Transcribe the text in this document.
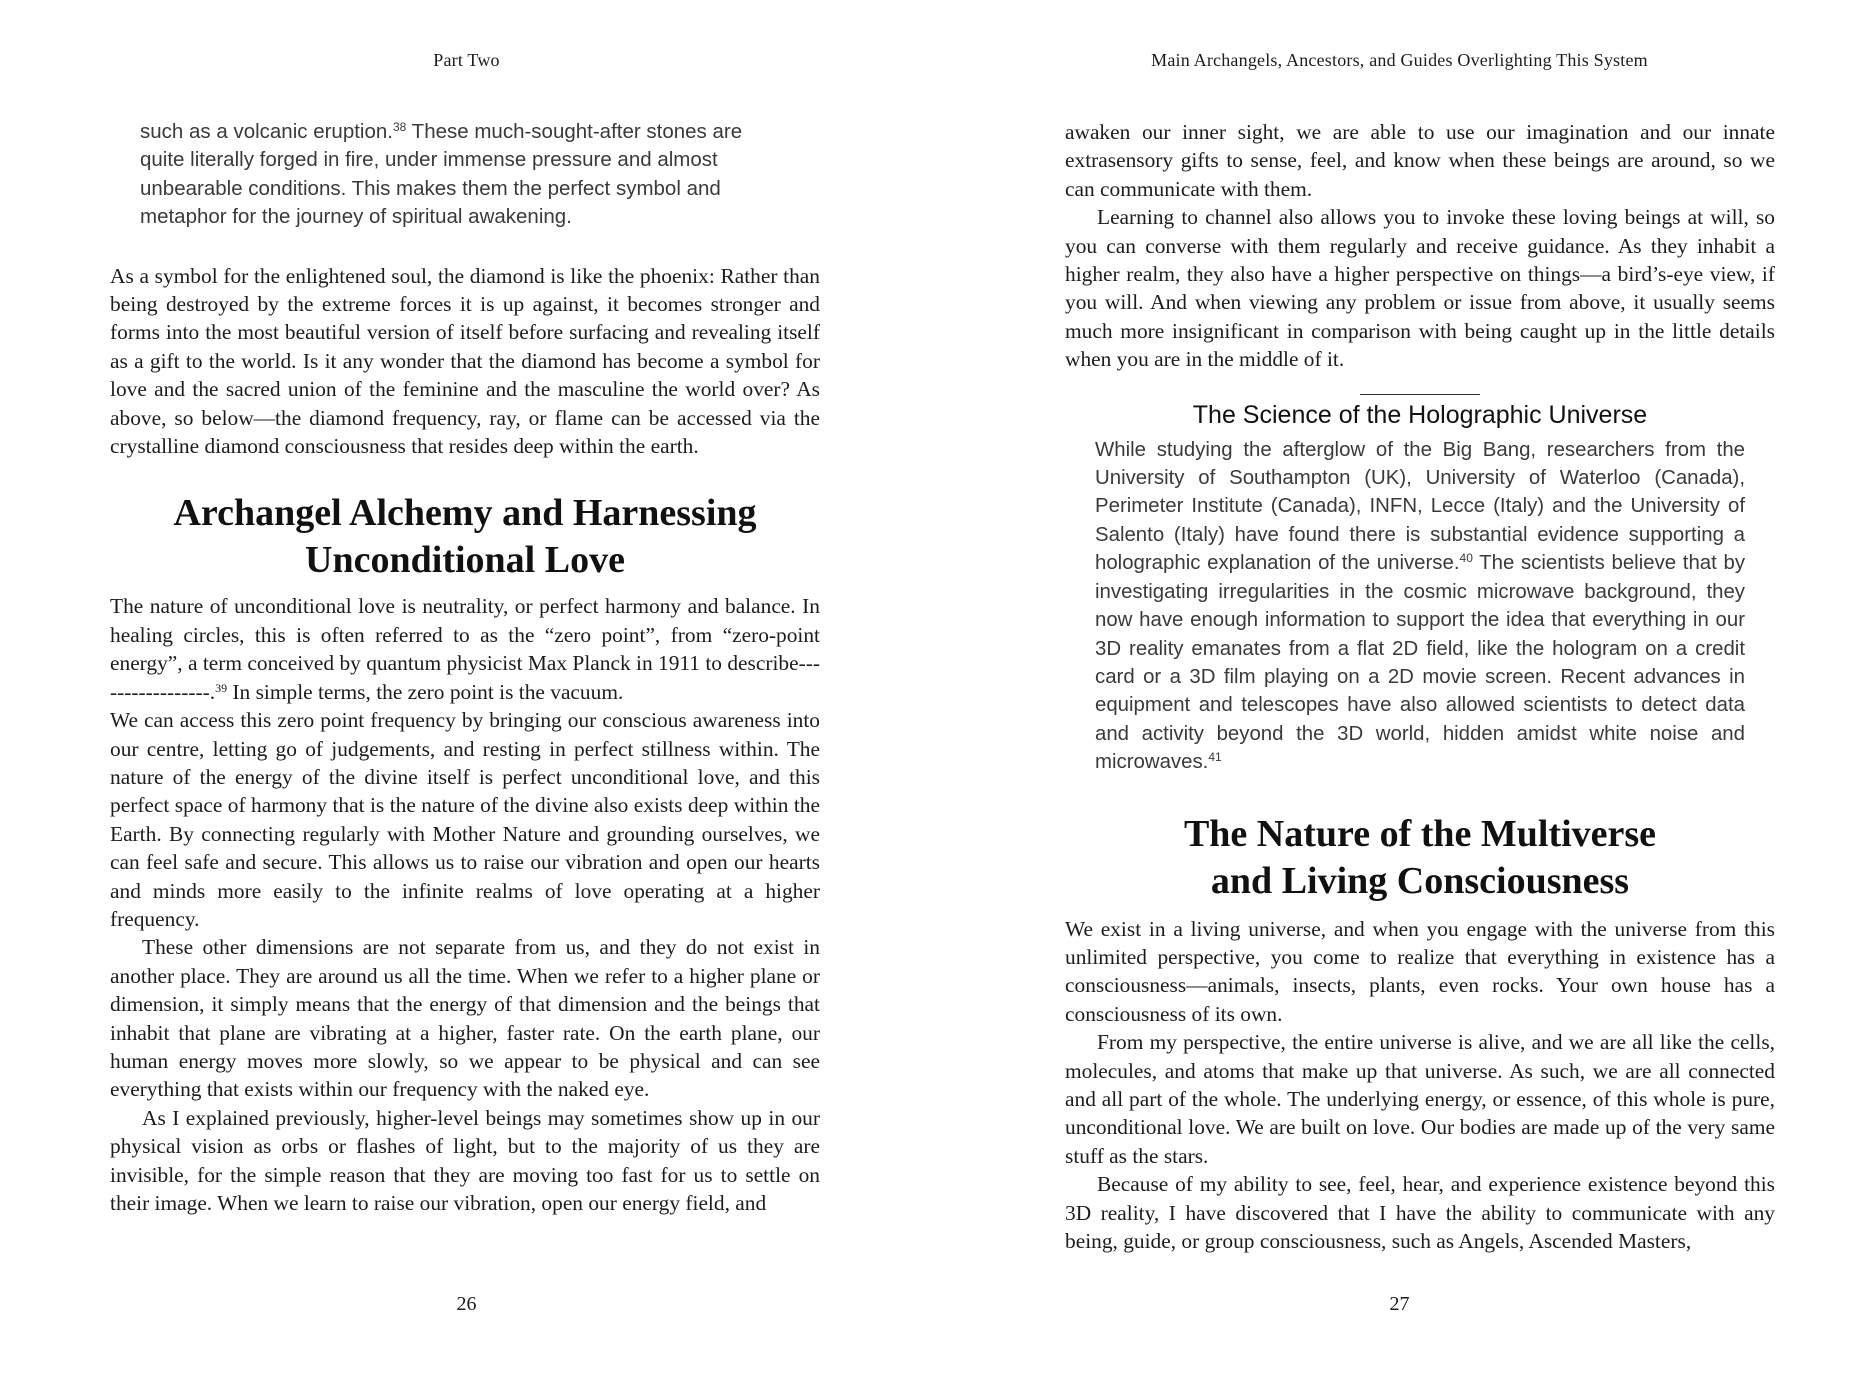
Part Two

such as a volcanic eruption.$^{38}$ These much-sought-after stones are quite literally forged in fire, under immense pressure and almost unbearable conditions. This makes them the perfect symbol and metaphor for the journey of spiritual awakening.

As a symbol for the enlightened soul, the diamond is like the phoenix: Rather than being destroyed by the extreme forces it is up against, it becomes stronger and forms into the most beautiful version of itself before surfacing and revealing itself as a gift to the world. Is it any wonder that the diamond has become a symbol for love and the sacred union of the feminine and the masculine the world over? As above, so below—the diamond frequency, ray, or flame can be accessed via the crystalline diamond consciousness that resides deep within the earth.

Archangel Alchemy and Harnessing
Unconditional Love

The nature of unconditional love is neutrality, or perfect harmony and balance. In healing circles, this is often referred to as the “zero point”, from “zero-point energy”, a term conceived by quantum physicist Max Planck in 1911 to describe-----------------.$^{39}$ In simple terms, the zero point is the vacuum.

We can access this zero point frequency by bringing our conscious awareness into our centre, letting go of judgements, and resting in perfect stillness within. The nature of the energy of the divine itself is perfect unconditional love, and this perfect space of harmony that is the nature of the divine also exists deep within the Earth. By connecting regularly with Mother Nature and grounding ourselves, we can feel safe and secure. This allows us to raise our vibration and open our hearts and minds more easily to the infinite realms of love operating at a higher frequency.

These other dimensions are not separate from us, and they do not exist in another place. They are around us all the time. When we refer to a higher plane or dimension, it simply means that the energy of that dimension and the beings that inhabit that plane are vibrating at a higher, faster rate. On the earth plane, our human energy moves more slowly, so we appear to be physical and can see everything that exists within our frequency with the naked eye.

As I explained previously, higher-level beings may sometimes show up in our physical vision as orbs or flashes of light, but to the majority of us they are invisible, for the simple reason that they are moving too fast for us to settle on their image. When we learn to raise our vibration, open our energy field, and

26
Main Archangels, Ancestors, and Guides Overlighting This System

awaken our inner sight, we are able to use our imagination and our innate extrasensory gifts to sense, feel, and know when these beings are around, so we can communicate with them.

Learning to channel also allows you to invoke these loving beings at will, so you can converse with them regularly and receive guidance. As they inhabit a higher realm, they also have a higher perspective on things—a bird’s-eye view, if you will. And when viewing any problem or issue from above, it usually seems much more insignificant in comparison with being caught up in the little details when you are in the middle of it.

The Science of the Holographic Universe

While studying the afterglow of the Big Bang, researchers from the University of Southampton (UK), University of Waterloo (Canada), Perimeter Institute (Canada), INFN, Lecce (Italy) and the University of Salento (Italy) have found there is substantial evidence supporting a holographic explanation of the universe.$^{40}$ The scientists believe that by investigating irregularities in the cosmic microwave background, they now have enough information to support the idea that everything in our 3D reality emanates from a flat 2D field, like the hologram on a credit card or a 3D film playing on a 2D movie screen. Recent advances in equipment and telescopes have also allowed scientists to detect data and activity beyond the 3D world, hidden amidst white noise and microwaves.$^{41}$

The Nature of the Multiverse
and Living Consciousness

We exist in a living universe, and when you engage with the universe from this unlimited perspective, you come to realize that everything in existence has a consciousness—animals, insects, plants, even rocks. Your own house has a consciousness of its own.

From my perspective, the entire universe is alive, and we are all like the cells, molecules, and atoms that make up that universe. As such, we are all connected and all part of the whole. The underlying energy, or essence, of this whole is pure, unconditional love. We are built on love. Our bodies are made up of the very same stuff as the stars.

Because of my ability to see, feel, hear, and experience existence beyond this 3D reality, I have discovered that I have the ability to communicate with any being, guide, or group consciousness, such as Angels, Ascended Masters,

27
